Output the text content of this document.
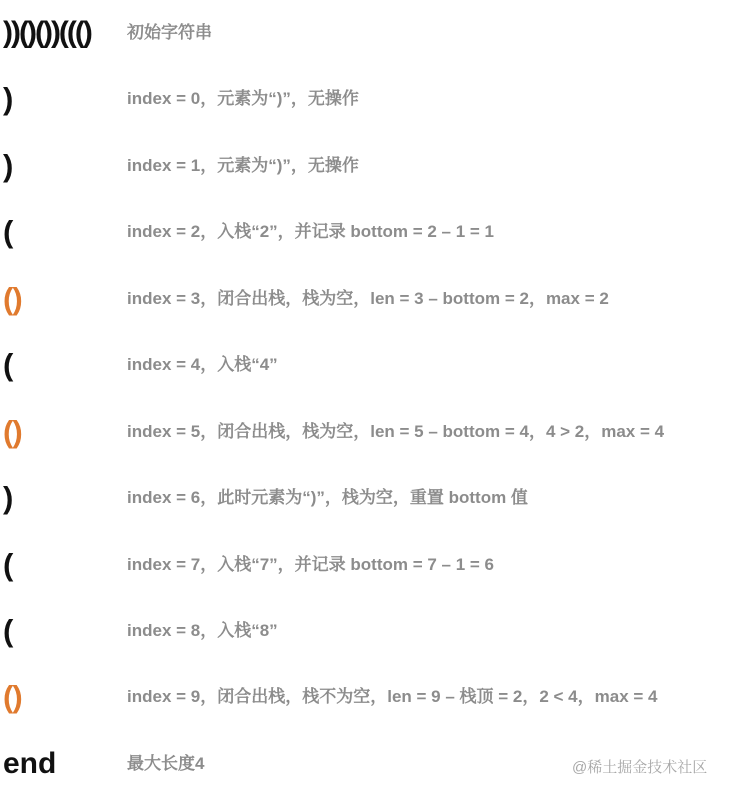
))()())((() 初始字符串
)	index = 0，元素为“)”，无操作
)	index = 1，元素为“)”，无操作
(	index = 2，入栈“2”，并记录 bottom = 2 – 1 = 1
()	index = 3，闭合出栈，栈为空，len = 3 – bottom = 2，max = 2
(	index = 4，入栈“4”
()	index = 5，闭合出栈，栈为空，len = 5 – bottom = 4，4 > 2，max = 4
)	index = 6，此时元素为“)”，栈为空，重置 bottom 值
(	index = 7，入栈“7”，并记录 bottom = 7 – 1 = 6
(	index = 8，入栈“8”
()	index = 9，闭合出栈，栈不为空，len = 9 – 栈顶 = 2，2 < 4，max = 4
end	最大长度4	@稀土掘金技术社区
